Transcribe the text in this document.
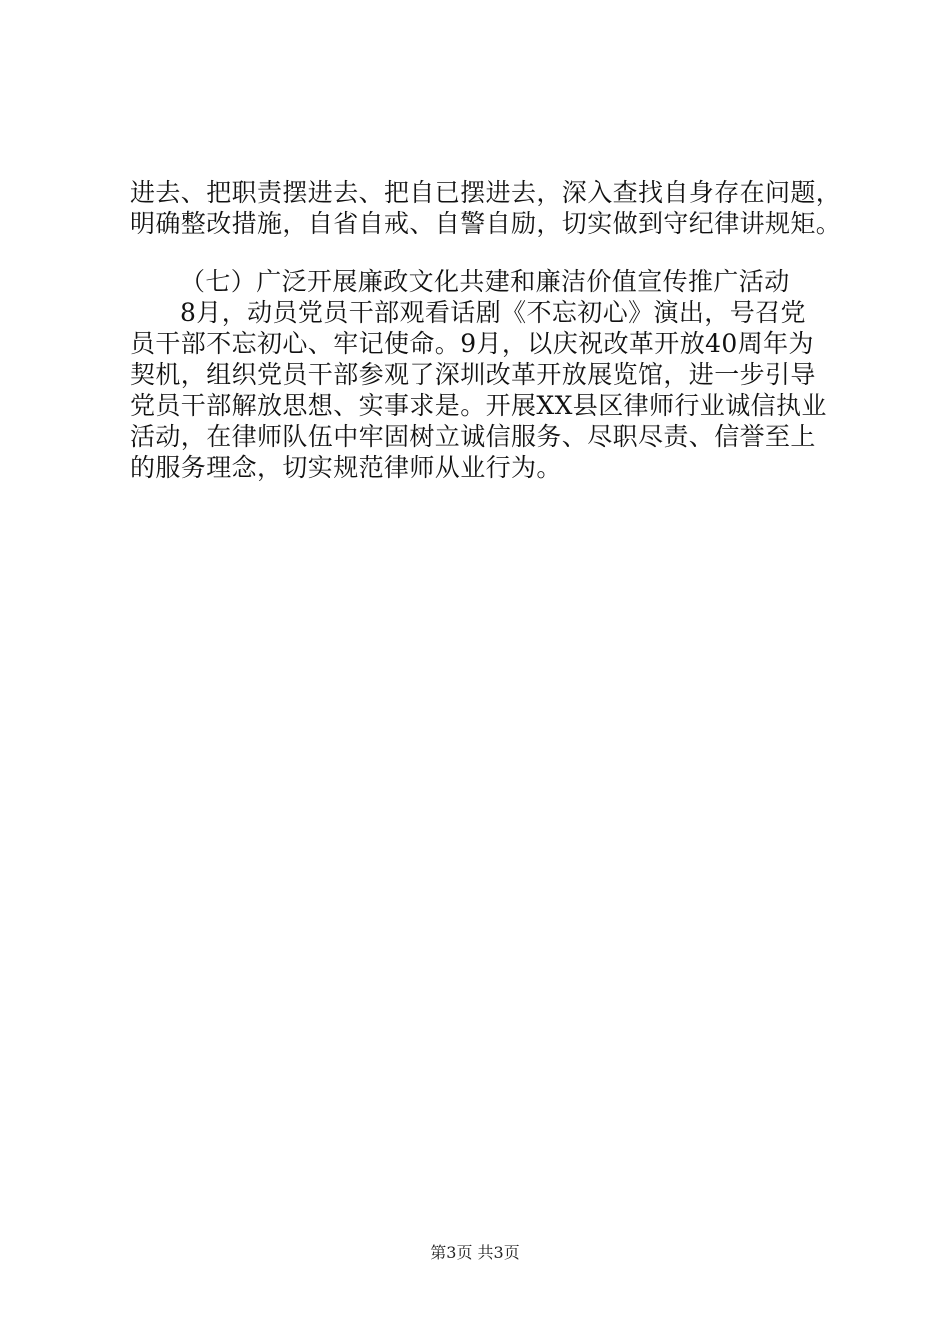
进去、把职责摆进去、把自已摆进去，深入查找自身存在问题，
明确整改措施，自省自戒、自警自励，切实做到守纪律讲规矩。
（七）广泛开展廉政文化共建和廉洁价值宣传推广活动
8月，动员党员干部观看话剧《不忘初心》演出，号召党
员干部不忘初心、牢记使命。9月，以庆祝改革开放40周年为
契机，组织党员干部参观了深圳改革开放展览馆，进一步引导
党员干部解放思想、实事求是。开展XX县区律师行业诚信执业
活动，在律师队伍中牢固树立诚信服务、尽职尽责、信誉至上
的服务理念，切实规范律师从业行为。
第3页 共3页
